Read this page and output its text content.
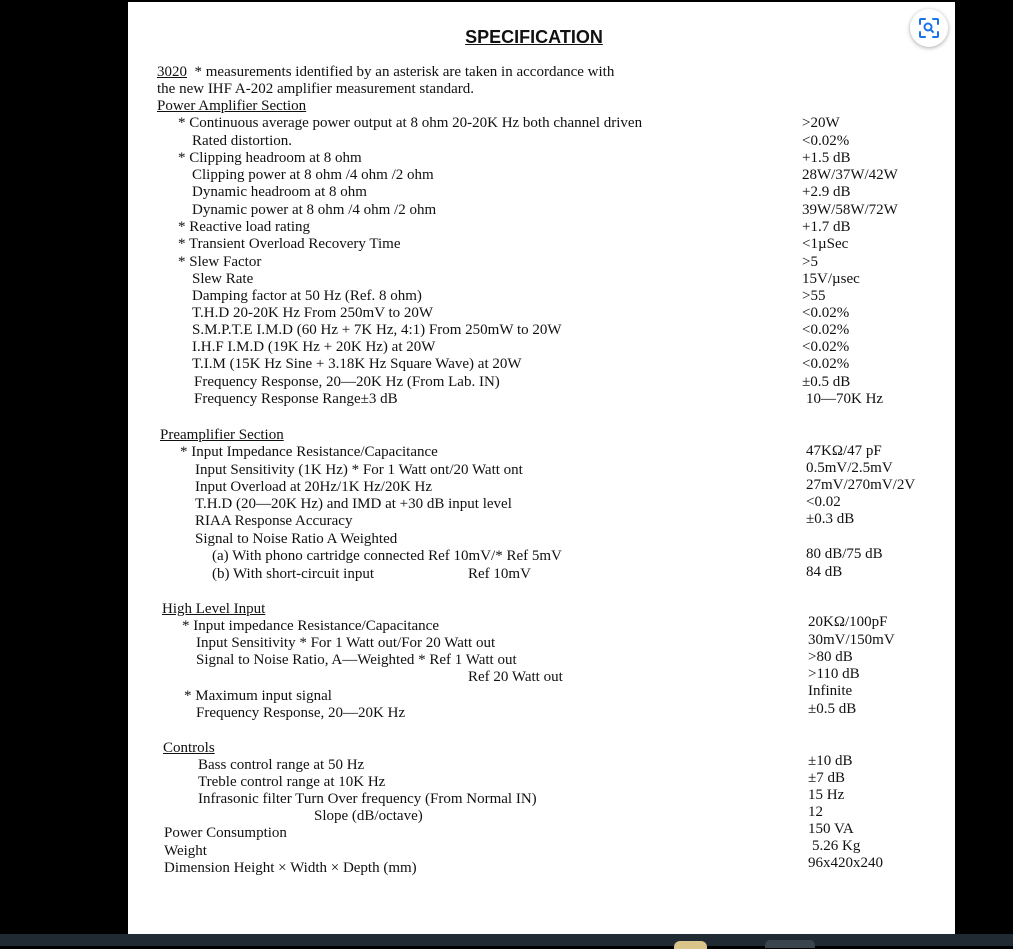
SPECIFICATION
3020 * measurements identified by an asterisk are taken in accordance with
the new IHF A-202 amplifier measurement standard.
Power Amplifier Section
* Continuous average power output at 8 ohm 20-20K Hz both channel driven	>20W
Rated distortion.	<0.02%
* Clipping headroom at 8 ohm	+1.5 dB
Clipping power at 8 ohm /4 ohm /2 ohm	28W/37W/42W
Dynamic headroom at 8 ohm	+2.9 dB
Dynamic power at 8 ohm /4 ohm /2 ohm	39W/58W/72W
* Reactive load rating	+1.7 dB
* Transient Overload Recovery Time	<1µSec
* Slew Factor	>5
Slew Rate	15V/µsec
Damping factor at 50 Hz (Ref. 8 ohm)	>55
T.H.D 20-20K Hz From 250mV to 20W	<0.02%
S.M.P.T.E I.M.D (60 Hz + 7K Hz, 4:1) From 250mW to 20W	<0.02%
I.H.F I.M.D (19K Hz + 20K Hz) at 20W	<0.02%
T.I.M (15K Hz Sine + 3.18K Hz Square Wave) at 20W	<0.02%
Frequency Response, 20—20K Hz (From Lab. IN)	±0.5 dB
Frequency Response Range±3 dB	10—70K Hz
Preamplifier Section
* Input Impedance Resistance/Capacitance	47KΩ/47 pF
Input Sensitivity (1K Hz) * For 1 Watt ont/20 Watt ont	0.5mV/2.5mV
Input Overload at 20Hz/1K Hz/20K Hz	27mV/270mV/2V
T.H.D (20—20K Hz) and IMD at +30 dB input level	<0.02
RIAA Response Accuracy	±0.3 dB
Signal to Noise Ratio A Weighted
(a) With phono cartridge connected Ref 10mV/* Ref 5mV	80 dB/75 dB
(b) With short-circuit input	Ref 10mV	84 dB
High Level Input
* Input impedance Resistance/Capacitance	20KΩ/100pF
Input Sensitivity * For 1 Watt out/For 20 Watt out	30mV/150mV
Signal to Noise Ratio, A—Weighted * Ref 1 Watt out	>80 dB
Ref 20 Watt out	>110 dB
* Maximum input signal	Infinite
Frequency Response, 20—20K Hz	±0.5 dB
Controls
Bass control range at 50 Hz	±10 dB
Treble control range at 10K Hz	±7 dB
Infrasonic filter Turn Over frequency (From Normal IN)	15 Hz
Slope (dB/octave)	12
Power Consumption	150 VA
Weight	5.26 Kg
Dimension Height × Width × Depth (mm)	96x420x240
